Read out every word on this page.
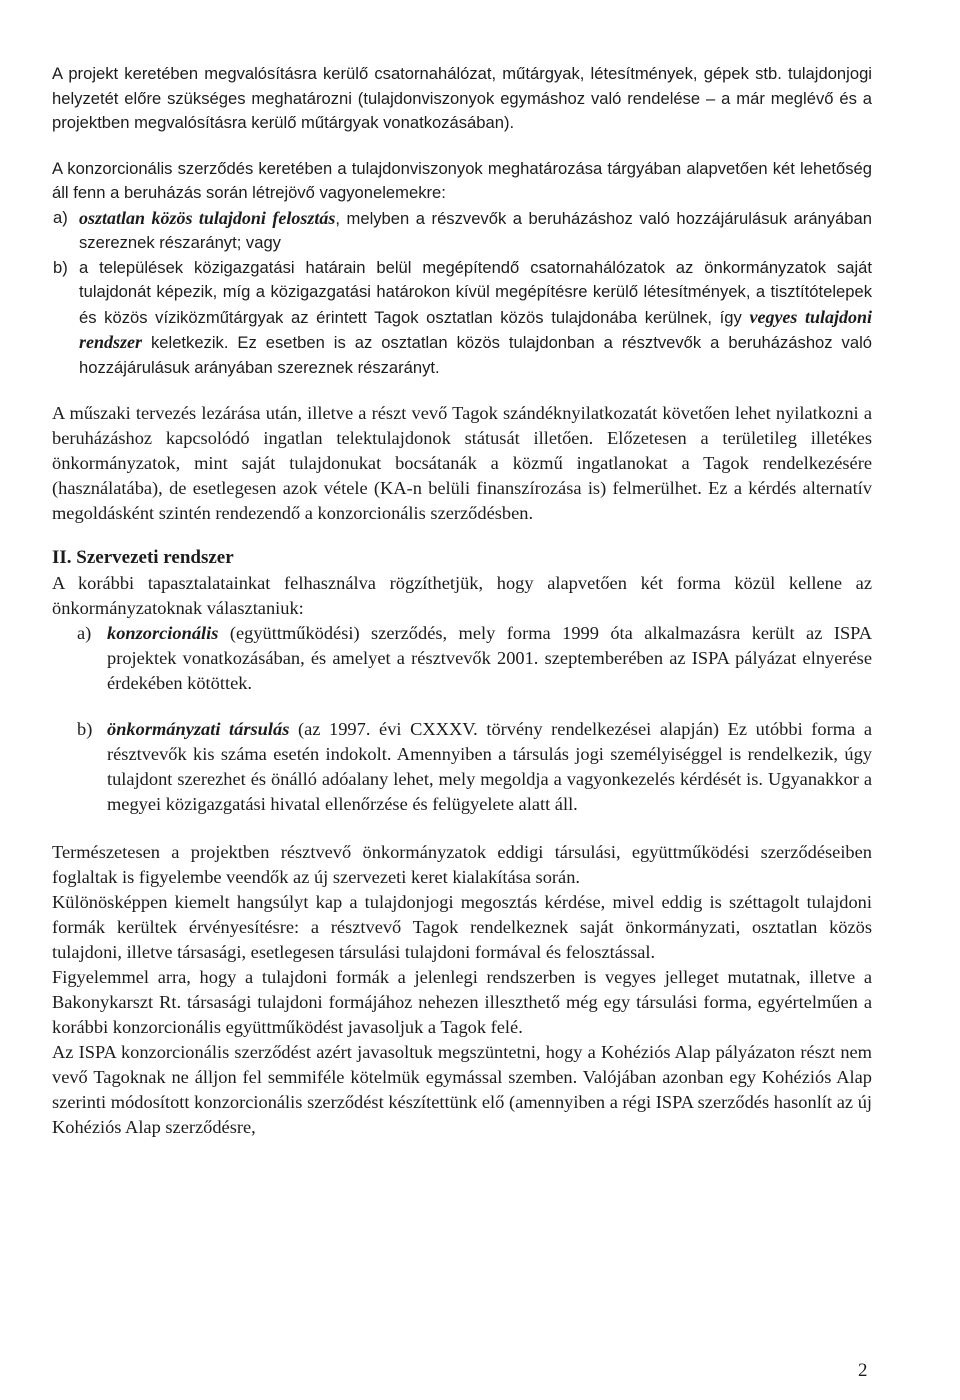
A projekt keretében megvalósításra kerülő csatornahálózat, műtárgyak, létesítmények, gépek stb. tulajdonjogi helyzetét előre szükséges meghatározni (tulajdonviszonyok egymáshoz való rendelése – a már meglévő és a projektben megvalósításra kerülő műtárgyak vonatkozásában).

A konzorcionális szerződés keretében a tulajdonviszonyok meghatározása tárgyában alapvetően két lehetőség áll fenn a beruházás során létrejövő vagyonelemekre:

a) osztatlan közös tulajdoni felosztás, melyben a részvevők a beruházáshoz való hozzájárulásuk arányában szereznek részarányt; vagy
b) a települések közigazgatási határain belül megépítendő csatornahálózatok az önkormányzatok saját tulajdonát képezik, míg a közigazgatási határokon kívül megépítésre kerülő létesítmények, a tisztítótelepek és közös víziközműtárgyak az érintett Tagok osztatlan közös tulajdonába kerülnek, így vegyes tulajdoni rendszer keletkezik. Ez esetben is az osztatlan közös tulajdonban a résztvevők a beruházáshoz való hozzájárulásuk arányában szereznek részarányt.

A műszaki tervezés lezárása után, illetve a részt vevő Tagok szándéknyilatkozatát követően lehet nyilatkozni a beruházáshoz kapcsolódó ingatlan telektulajdonok státusát illetően. Előzetesen a területileg illetékes önkormányzatok, mint saját tulajdonukat bocsátanák a közmű ingatlanokat a Tagok rendelkezésére (használatába), de esetlegesen azok vétele (KA-n belüli finanszírozása is) felmerülhet. Ez a kérdés alternatív megoldásként szintén rendezendő a konzorcionális szerződésben.

II. Szervezeti rendszer

A korábbi tapasztalatainkat felhasználva rögzíthetjük, hogy alapvetően két forma közül kellene az önkormányzatoknak választaniuk:

a) konzorcionális (együttműködési) szerződés, mely forma 1999 óta alkalmazásra került az ISPA projektek vonatkozásában, és amelyet a résztvevők 2001. szeptemberében az ISPA pályázat elnyerése érdekében kötöttek.
b) önkormányzati társulás (az 1997. évi CXXXV. törvény rendelkezései alapján) Ez utóbbi forma a résztvevők kis száma esetén indokolt. Amennyiben a társulás jogi személyiséggel is rendelkezik, úgy tulajdont szerezhet és önálló adóalany lehet, mely megoldja a vagyonkezelés kérdését is. Ugyanakkor a megyei közigazgatási hivatal ellenőrzése és felügyelete alatt áll.

Természetesen a projektben résztvevő önkormányzatok eddigi társulási, együttműködési szerződéseiben foglaltak is figyelembe veendők az új szervezeti keret kialakítása során.

Különösképpen kiemelt hangsúlyt kap a tulajdonjogi megosztás kérdése, mivel eddig is széttagolt tulajdoni formák kerültek érvényesítésre: a résztvevő Tagok rendelkeznek saját önkormányzati, osztatlan közös tulajdoni, illetve társasági, esetlegesen társulási tulajdoni formával és felosztással.

Figyelemmel arra, hogy a tulajdoni formák a jelenlegi rendszerben is vegyes jelleget mutatnak, illetve a Bakonykarszt Rt. társasági tulajdoni formájához nehezen illeszthető még egy társulási forma, egyértelműen a korábbi konzorcionális együttműködést javasoljuk a Tagok felé.

Az ISPA konzorcionális szerződést azért javasoltuk megszüntetni, hogy a Kohéziós Alap pályázaton részt nem vevő Tagoknak ne álljon fel semmiféle kötelmük egymással szemben. Valójában azonban egy Kohéziós Alap szerinti módosított konzorcionális szerződést készítettünk elő (amennyiben a régi ISPA szerződés hasonlít az új Kohéziós Alap szerződésre,

2
